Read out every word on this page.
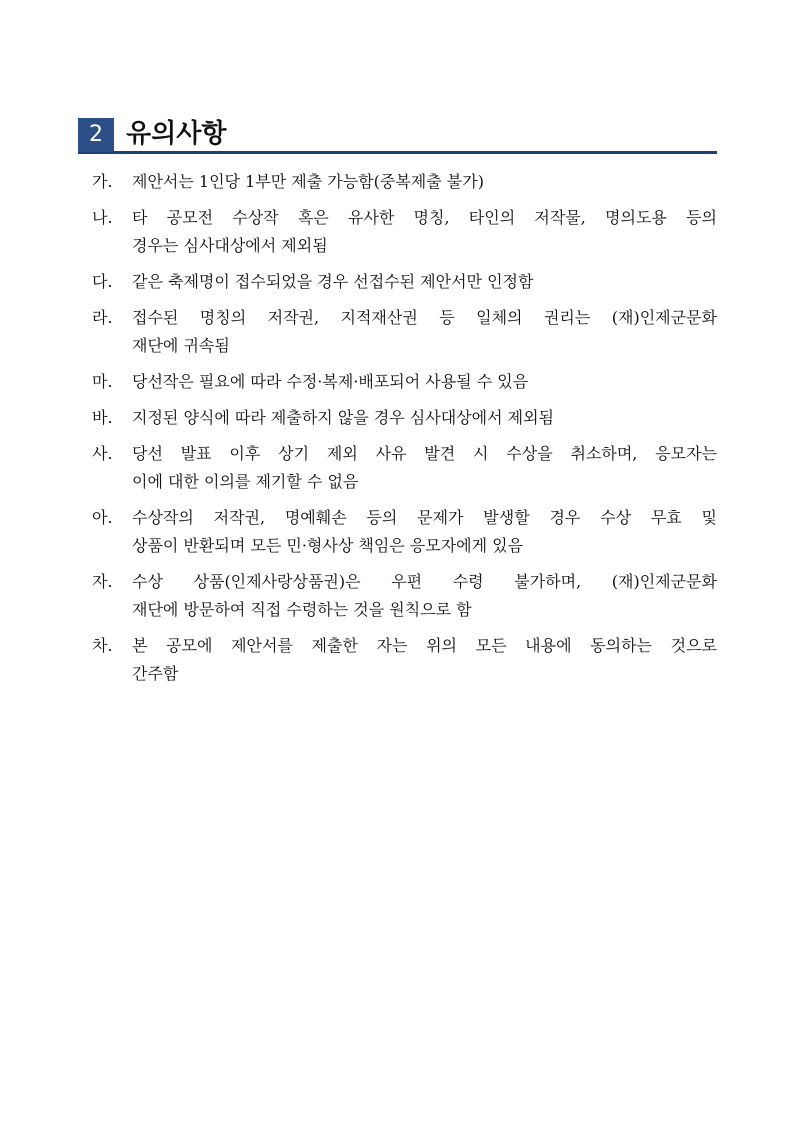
2 유의사항
가.	제안서는 1인당 1부만 제출 가능함(중복제출 불가)
나.	타 공모전 수상작 혹은 유사한 명칭, 타인의 저작물, 명의도용 등의
경우는 심사대상에서 제외됨
다.	같은 축제명이 접수되었을 경우 선접수된 제안서만 인정함
라.	접수된 명칭의 저작권, 지적재산권 등 일체의 권리는 (재)인제군문화
재단에 귀속됨
마.	당선작은 필요에 따라 수정·복제·배포되어 사용될 수 있음
바.	지정된 양식에 따라 제출하지 않을 경우 심사대상에서 제외됨
사.	당선 발표 이후 상기 제외 사유 발견 시 수상을 취소하며, 응모자는
이에 대한 이의를 제기할 수 없음
아.	수상작의 저작권, 명예훼손 등의 문제가 발생할 경우 수상 무효 및
상품이 반환되며 모든 민·형사상 책임은 응모자에게 있음
자.	수상 상품(인제사랑상품권)은 우편 수령 불가하며, (재)인제군문화
재단에 방문하여 직접 수령하는 것을 원칙으로 함
차.	본 공모에 제안서를 제출한 자는 위의 모든 내용에 동의하는 것으로
간주함
